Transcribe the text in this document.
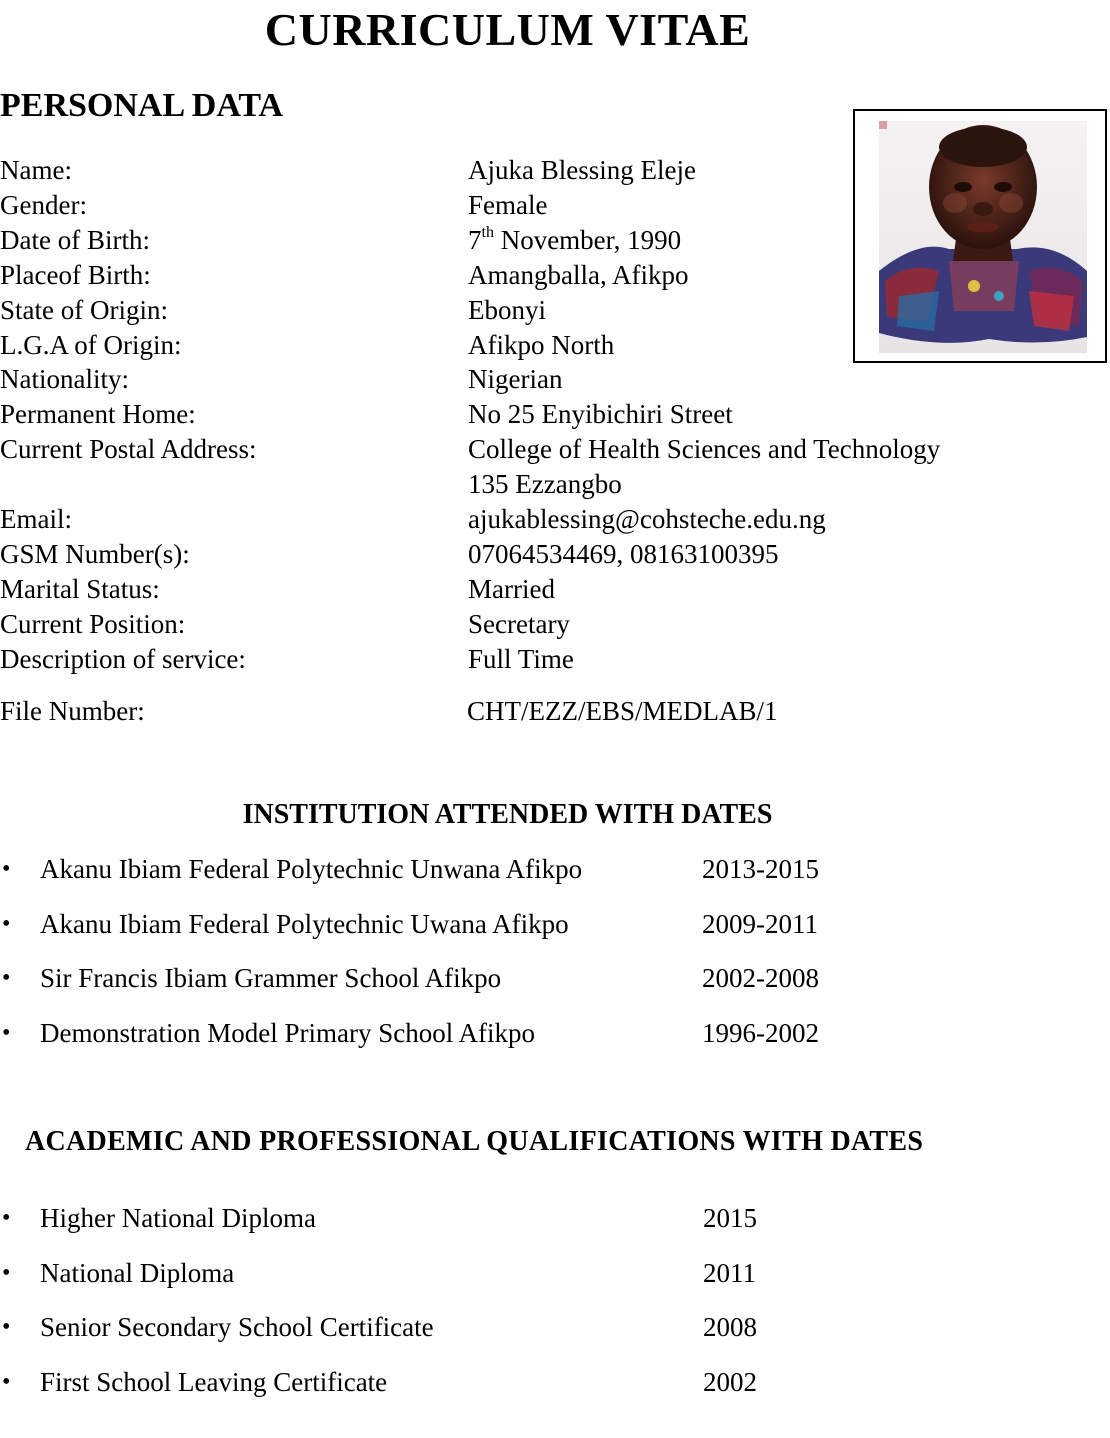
CURRICULUM VITAE
PERSONAL DATA
Name:	Ajuka Blessing Eleje
Gender:	Female
Date of Birth:	7th November, 1990
Placeof Birth:	Amangballa, Afikpo
State of Origin:	Ebonyi
L.G.A of Origin:	Afikpo North
Nationality:	Nigerian
Permanent Home:	No 25 Enyibichiri Street
Current Postal Address:	College of Health Sciences and Technology
135 Ezzangbo
Email:	ajukablessing@cohsteche.edu.ng
GSM Number(s):	07064534469, 08163100395
Marital Status:	Married
Current Position:	Secretary
Description of service:	Full Time
File Number:	CHT/EZZ/EBS/MEDLAB/1
INSTITUTION ATTENDED WITH DATES
• Akanu Ibiam Federal Polytechnic Unwana Afikpo	2013-2015
• Akanu Ibiam Federal Polytechnic Uwana Afikpo	2009-2011
• Sir Francis Ibiam Grammer School Afikpo	2002-2008
• Demonstration Model Primary School Afikpo	1996-2002
ACADEMIC AND PROFESSIONAL QUALIFICATIONS WITH DATES
• Higher National Diploma	2015
• National Diploma	2011
• Senior Secondary School Certificate	2008
• First School Leaving Certificate	2002
